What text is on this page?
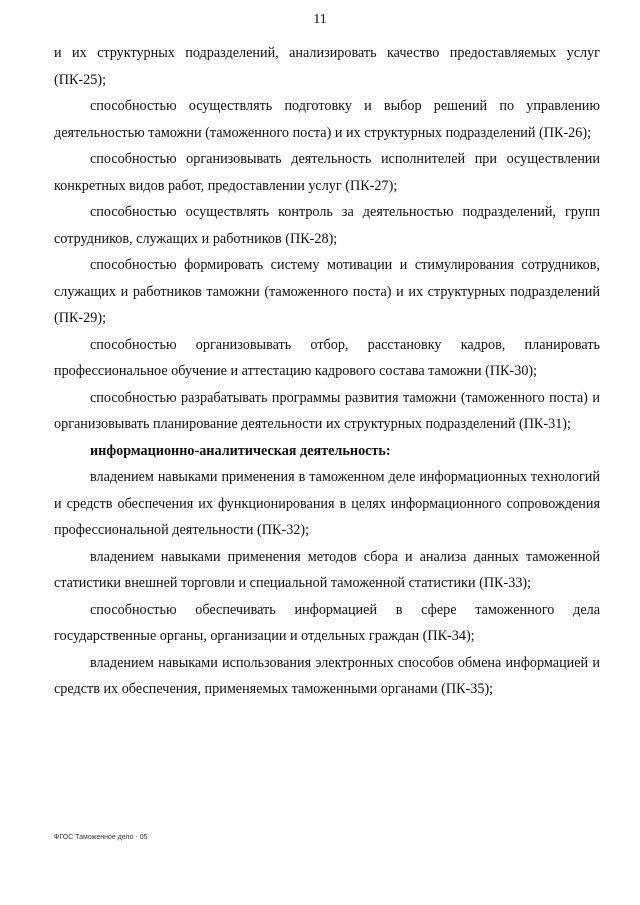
11

и их структурных подразделений, анализировать качество предоставляемых услуг (ПК-25);

способностью осуществлять подготовку и выбор решений по управлению деятельностью таможни (таможенного поста) и их структурных подразделений (ПК-26);

способностью организовывать деятельность исполнителей при осуществлении конкретных видов работ, предоставлении услуг (ПК-27);

способностью осуществлять контроль за деятельностью подразделений, групп сотрудников, служащих и работников (ПК-28);

способностью формировать систему мотивации и стимулирования сотрудников, служащих и работников таможни (таможенного поста) и их структурных подразделений (ПК-29);

способностью организовывать отбор, расстановку кадров, планировать профессиональное обучение и аттестацию кадрового состава таможни (ПК-30);

способностью разрабатывать программы развития таможни (таможенного поста) и организовывать планирование деятельности их структурных подразделений (ПК-31);

информационно-аналитическая деятельность:

владением навыками применения в таможенном деле информационных технологий и средств обеспечения их функционирования в целях информационного сопровождения профессиональной деятельности (ПК-32);

владением навыками применения методов сбора и анализа данных таможенной статистики внешней торговли и специальной таможенной статистики (ПК-33);

способностью обеспечивать информацией в сфере таможенного дела государственные органы, организации и отдельных граждан (ПК-34);

владением навыками использования электронных способов обмена информацией и средств их обеспечения, применяемых таможенными органами (ПК-35);

ФГОС Таможенное дело - 05
